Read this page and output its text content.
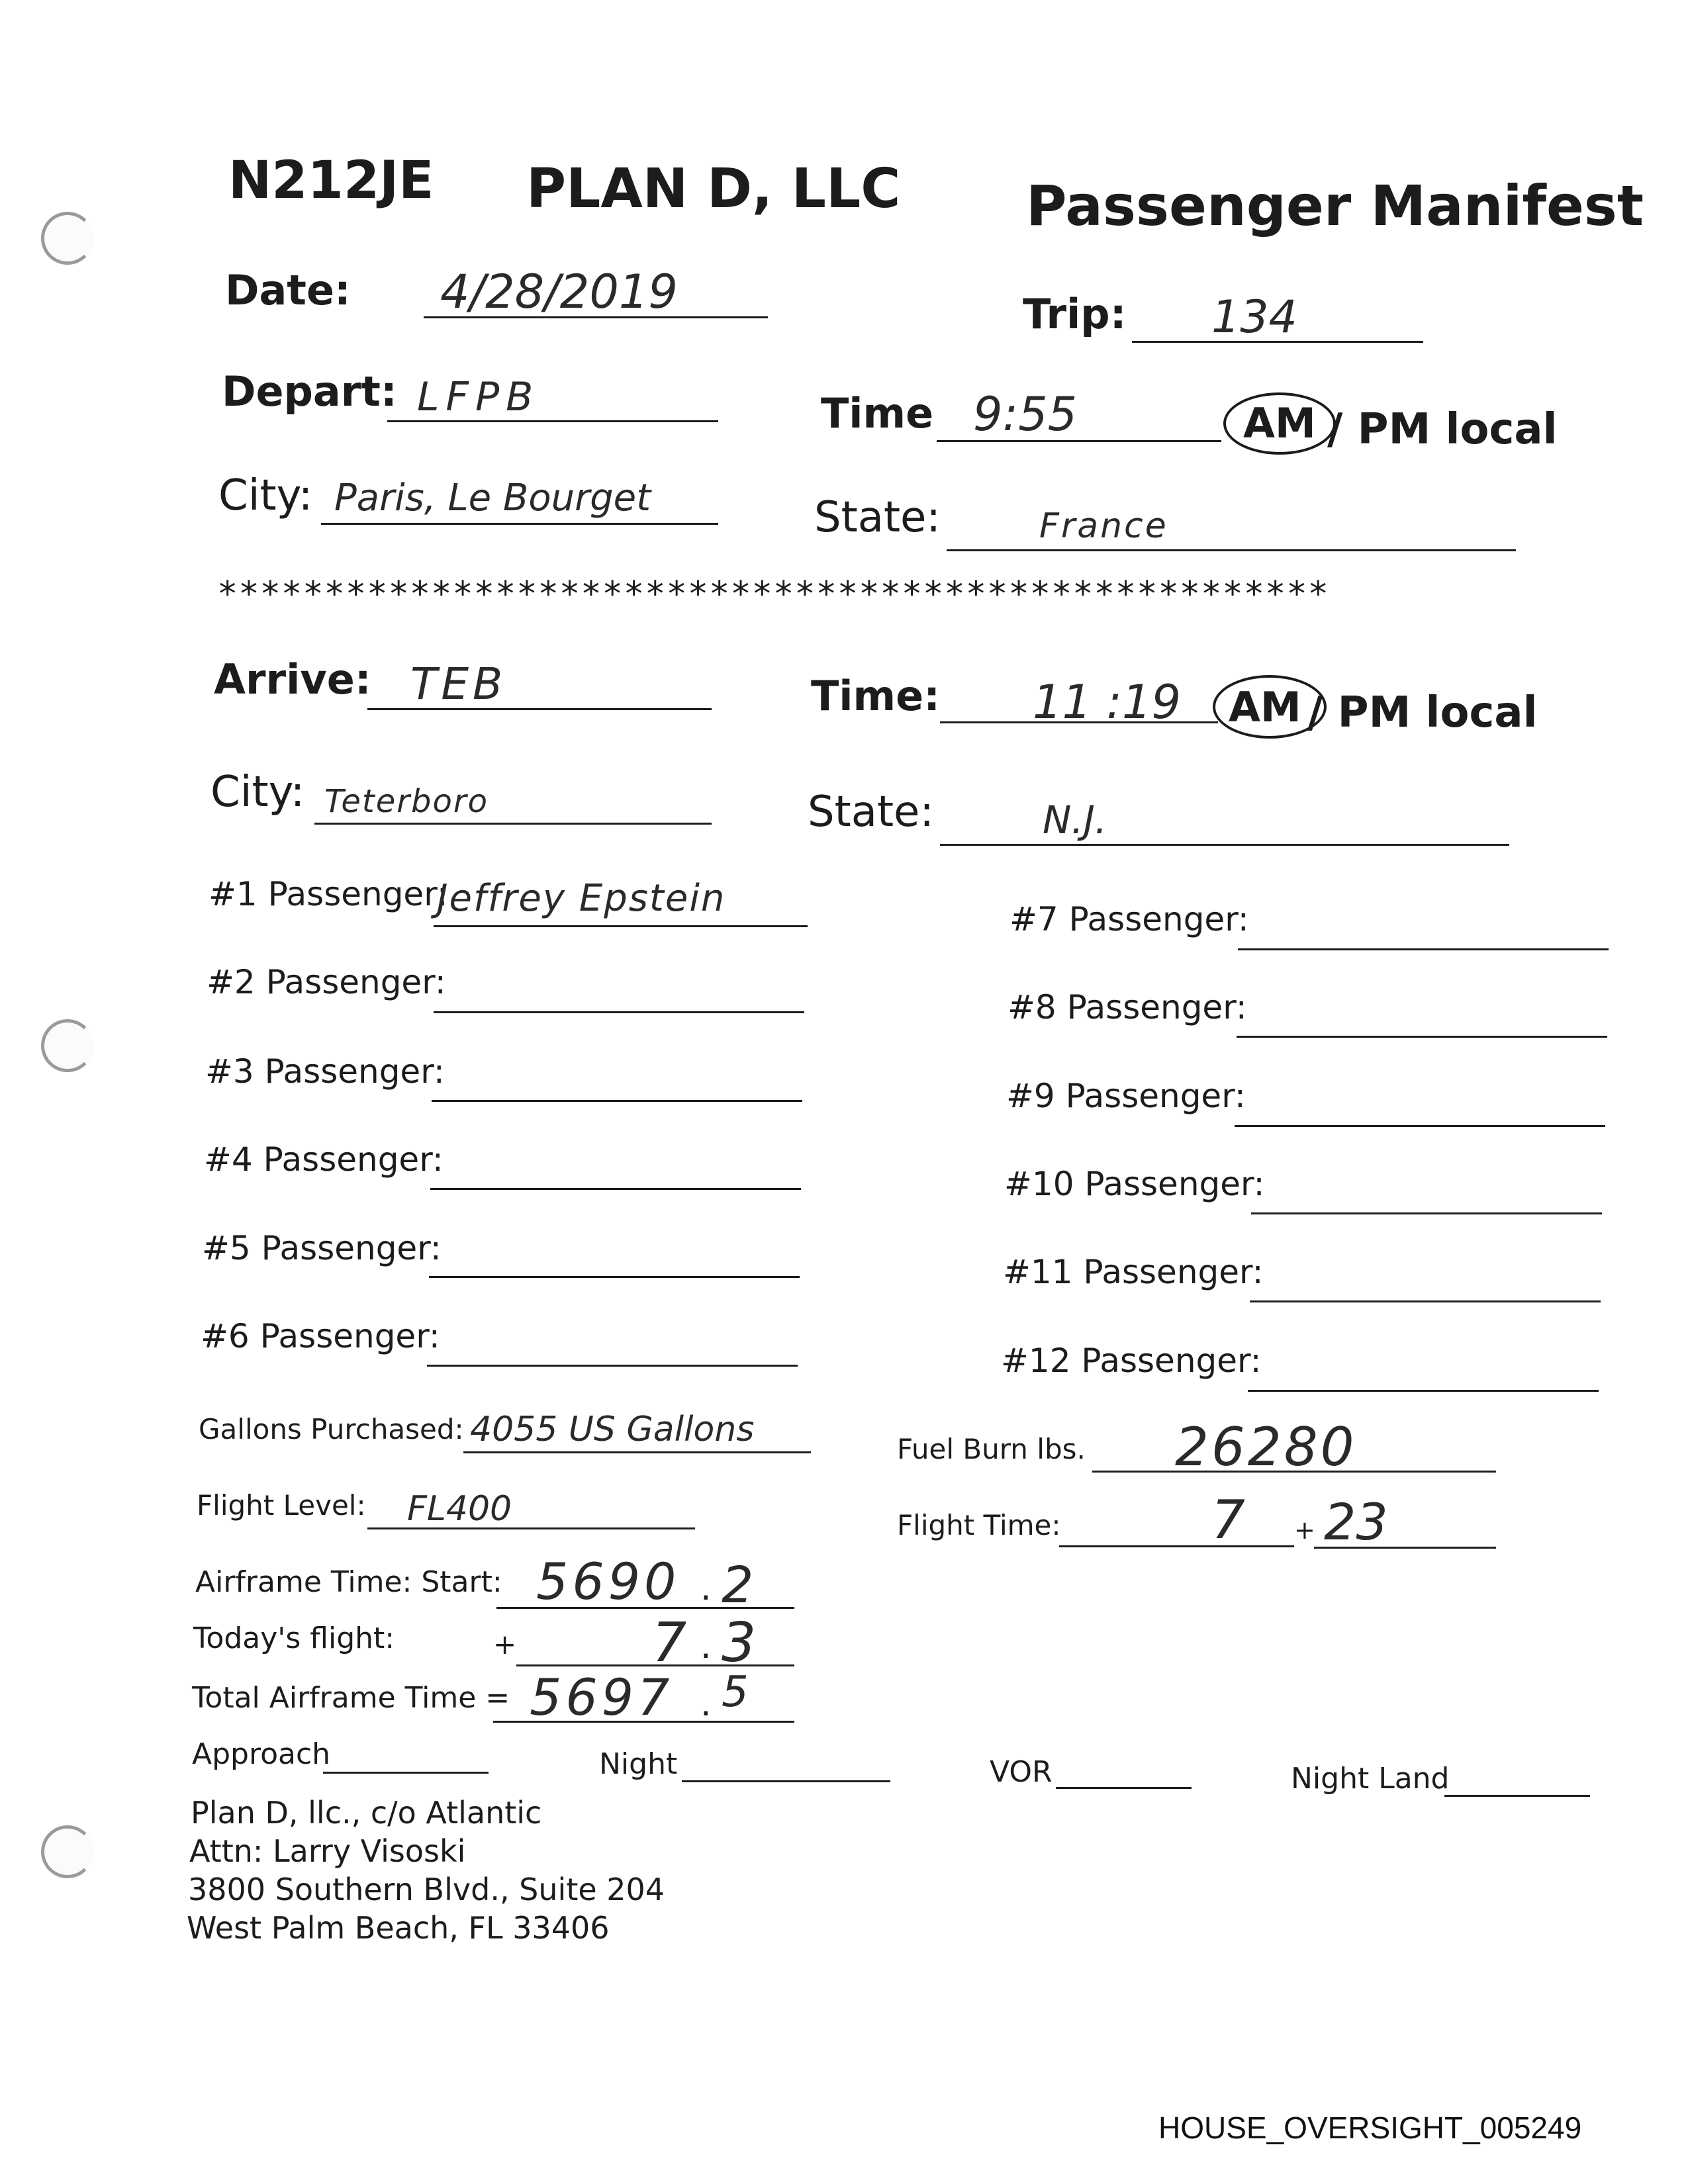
N212JE PLAN D, LLC Passenger Manifest
Date: 4/28/2019	Trip: 134
Depart: LFPB	Time 9:55	AM / PM local
City: Paris, Le Bourget	State:	France
****************************************************
Arrive: TEB	Time: 11 :19 AM / PM local
City: Teterboro	State:	N.J.
#1 Passenger:
Jeffrey Epstein
#2 Passenger:
#3 Passenger:
#4 Passenger:
#5 Passenger:
#6 Passenger:
#7 Passenger:
#8 Passenger:
#9 Passenger:
#10 Passenger:
#11 Passenger:
#12 Passenger:
Gallons Purchased: 4055 US Gallons	Fuel Burn lbs. 26280
Flight Level: FL400	Flight Time:	7 + 23
Airframe Time: Start: 5690 . 2
Today's flight:	+ 7 . 3
Total Airframe Time = 5697 . 5
Approach	Night	VOR	Night Land
Plan D, llc., c/o Atlantic
Attn: Larry Visoski
3800 Southern Blvd., Suite 204
West Palm Beach, FL 33406
HOUSE_OVERSIGHT_005249
